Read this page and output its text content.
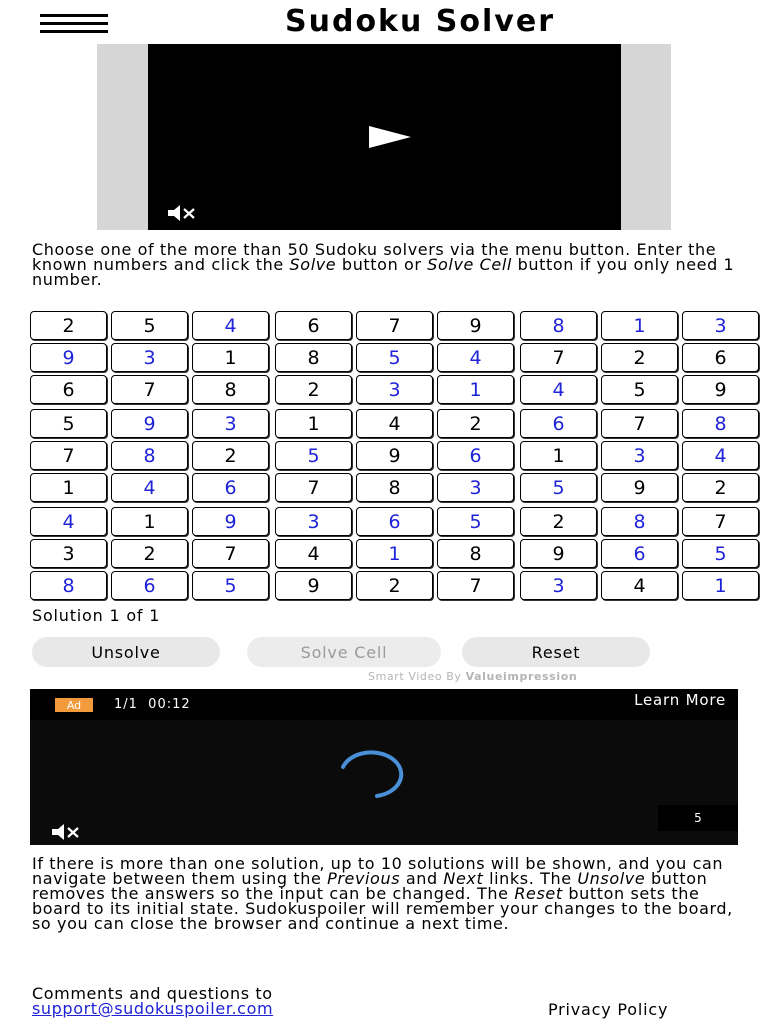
Sudoku Solver
Choose one of the more than 50 Sudoku solvers via the menu button. Enter the known numbers and click the Solve button or Solve Cell button if you only need 1 number.
2	5	4	6	7	9	8	1	3
9	3	1	8	5	4	7	2	6
6	7	8	2	3	1	4	5	9
5	9	3	1	4	2	6	7	8
7	8	2	5	9	6	1	3	4
1	4	6	7	8	3	5	9	2
4	1	9	3	6	5	2	8	7
3	2	7	4	1	8	9	6	5
8	6	5	9	2	7	3	4	1
Solution 1 of 1
Unsolve	Solve Cell	Reset
Smart Video By Valueimpression
Ad	1/1  00:12	Learn More
5
If there is more than one solution, up to 10 solutions will be shown, and you can navigate between them using the Previous and Next links. The Unsolve button removes the answers so the input can be changed. The Reset button sets the board to its initial state. Sudokuspoiler will remember your changes to the board, so you can close the browser and continue a next time.
Comments and questions to
support@sudokuspoiler.com	Privacy Policy
